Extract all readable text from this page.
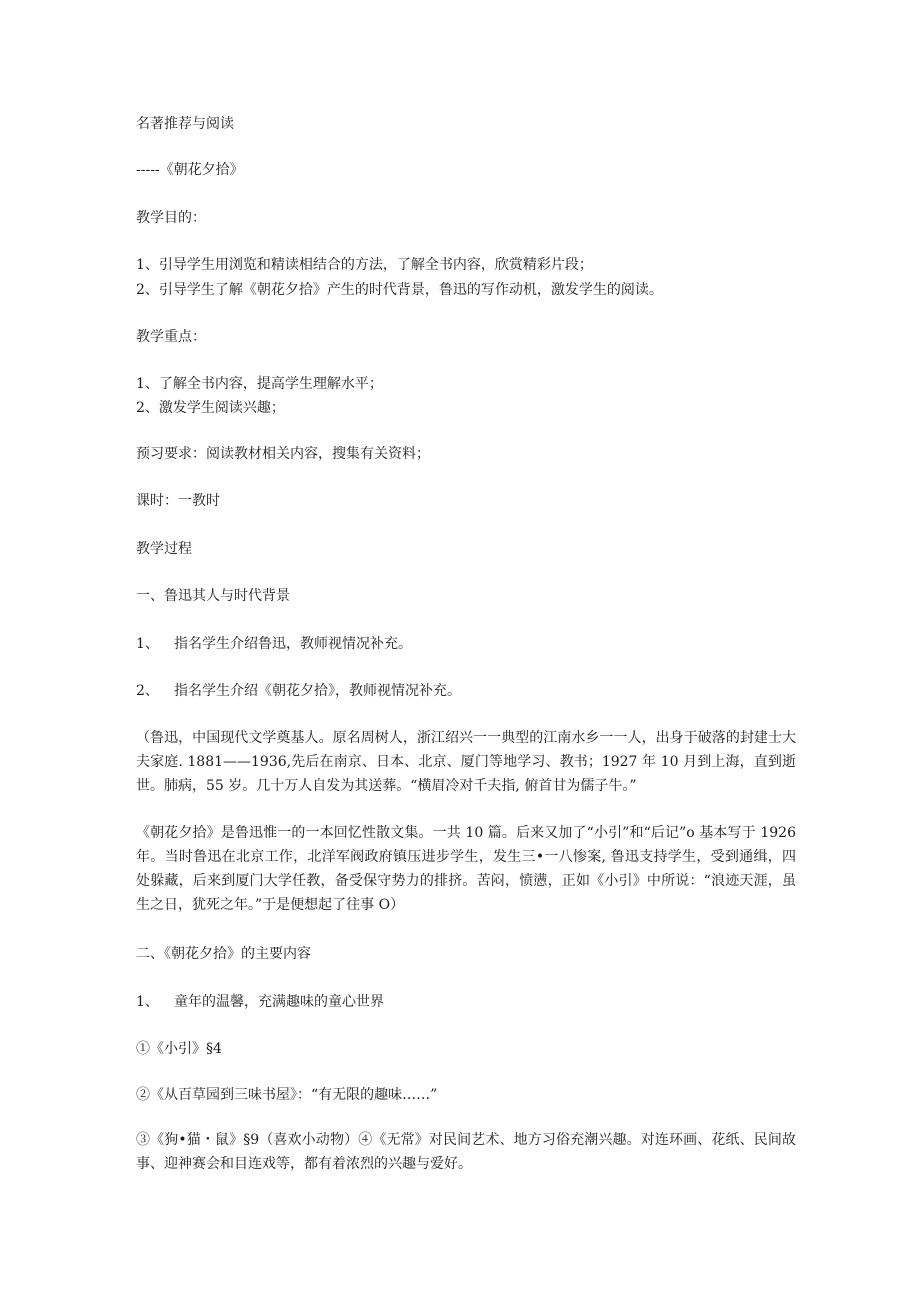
名著推荐与阅读
-----《朝花夕拾》
教学目的：
1、引导学生用浏览和精读相结合的方法，了解全书内容，欣赏精彩片段；
2、引导学生了解《朝花夕拾》产生的时代背景，鲁迅的写作动机，激发学生的阅读。
教学重点：
1、了解全书内容，提高学生理解水平；
2、激发学生阅读兴趣；
预习要求：阅读教材相关内容，搜集有关资料；
课时：一教时
教学过程
一、鲁迅其人与时代背景
1、 指名学生介绍鲁迅，教师视情况补充。
2、 指名学生介绍《朝花夕拾》，教师视情况补充。
（鲁迅，中国现代文学奠基人。原名周树人，浙江绍兴一一典型的江南水乡一一人，出身于破落的封建士大夫家庭. 1881——1936,先后在南京、日本、北京、厦门等地学习、教书；1927 年 10 月到上海，直到逝世。肺病，55 岁。几十万人自发为其送葬。“横眉冷对千夫指, 俯首甘为儒子牛。”
《朝花夕拾》是鲁迅惟一的一本回忆性散文集。一共 10 篇。后来又加了“小引”和“后记”o 基本写于 1926 年。当时鲁迅在北京工作，北洋军阀政府镇压进步学生，发生三•一八惨案, 鲁迅支持学生，受到通缉，四处躲藏，后来到厦门大学任教，备受保守势力的排挤。苦闷，愤懑，正如《小引》中所说：“浪迹天涯，虽生之日，犹死之年。”于是便想起了往事 O）
二、《朝花夕拾》的主要内容
1、 童年的温馨，充满趣味的童心世界
①《小引》§4
②《从百草园到三味书屋》：“有无限的趣味……”
③《狗•猫・鼠》§9（喜欢小动物）④《无常》对民间艺术、地方习俗充潮兴趣。对连环画、花纸、民间故事、迎神赛会和目连戏等，都有着浓烈的兴趣与爱好。
